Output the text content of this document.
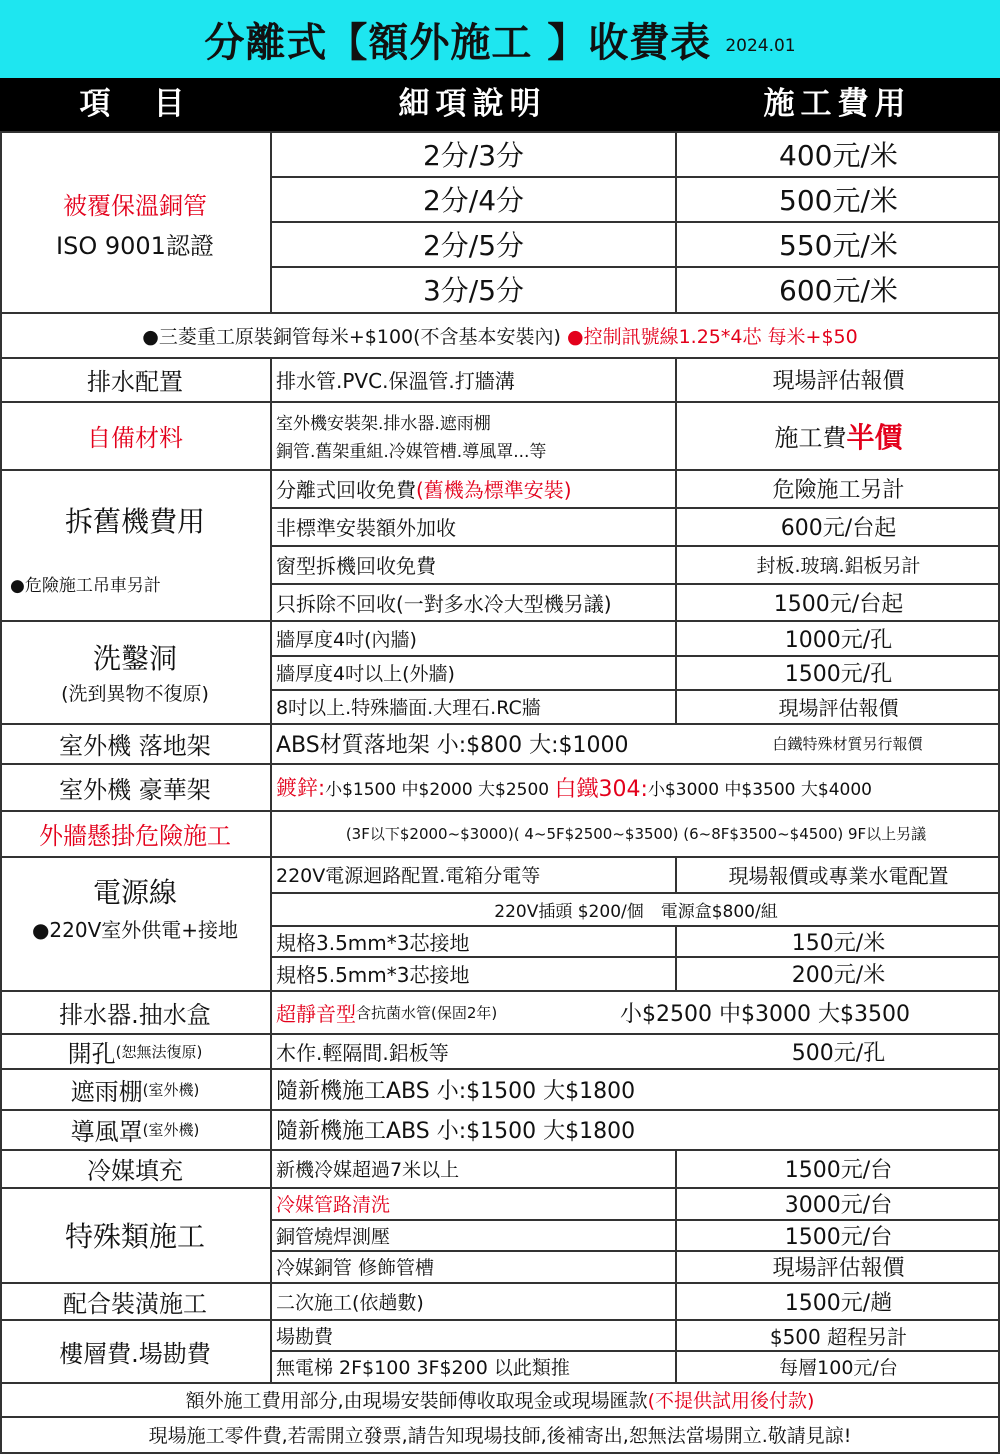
分離式【額外施工 】收費表 2024.01
項　目	細項說明	施工費用
被覆保溫銅管
ISO 9001認證
2分/3分	400元/米
2分/4分	500元/米
2分/5分	550元/米
3分/5分	600元/米
●三菱重工原裝銅管每米+$100(不含基本安裝內)
●控制訊號線1.25*4芯 每米+$50
排水配置	排水管.PVC.保溫管.打牆溝	現場評估報價
自備材料
室外機安裝架.排水器.遮雨棚
銅管.舊架重組.冷媒管槽.導風罩...等	施工費 半價
拆舊機費用
●危險施工吊車另計
分離式回收免費 (舊機為標準安裝)	危險施工另計
非標準安裝額外加收	600元/台起
窗型拆機回收免費	封板.玻璃.鋁板另計
只拆除不回收(一對多水冷大型機另議)	1500元/台起
洗鑿洞
(洗到異物不復原)
牆厚度4吋(內牆)	1000元/孔
牆厚度4吋以上(外牆)	1500元/孔
8吋以上.特殊牆面.大理石.RC牆	現場評估報價
室外機 落地架	ABS材質落地架 小:$800 大:$1000	白鐵特殊材質另行報價
室外機 豪華架	鍍鋅: 小$1500 中$2000 大$2500
白鐵304: 小$3000 中$3500 大$4000
外牆懸掛危險施工	(3F以下$2000~$3000)( 4~5F$2500~$3500) (6~8F$3500~$4500) 9F以上另議
電源線
●220V室外供電+接地
220V電源迴路配置.電箱分電等	現場報價或專業水電配置
220V插頭 $200/個　電源盒$800/組
規格3.5mm*3芯接地	150元/米
規格5.5mm*3芯接地	200元/米
排水器.抽水盒	超靜音型 含抗菌水管(保固2年)	小$2500 中$3000 大$3500
開孔 (恕無法復原)	木作.輕隔間.鋁板等	500元/孔
遮雨棚 (室外機)	隨新機施工ABS 小:$1500 大$1800
導風罩 (室外機)	隨新機施工ABS 小:$1500 大$1800
冷媒填充	新機冷媒超過7米以上	1500元/台
特殊類施工
冷媒管路清洗	3000元/台
銅管燒焊測壓	1500元/台
冷媒銅管 修飾管槽	現場評估報價
配合裝潢施工	二次施工(依趟數)	1500元/趟
樓層費.場勘費
場勘費	$500 超程另計
無電梯 2F$100 3F$200 以此類推	每層100元/台
額外施工費用部分,由現場安裝師傅收取現金或現場匯款 (不提供試用後付款)
現場施工零件費,若需開立發票,請告知現場技師,後補寄出,恕無法當場開立.敬請見諒!
